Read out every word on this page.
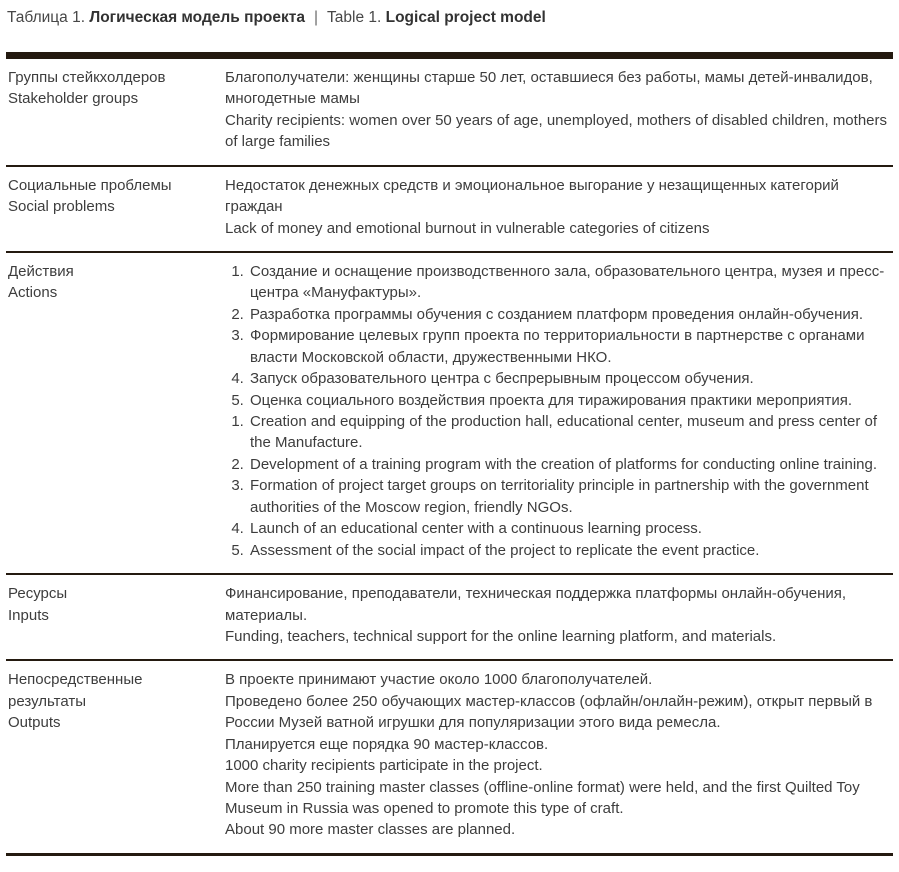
Таблица 1. Логическая модель проекта | Table 1. Logical project model
Группы стейкхолдеров
Stakeholder groups

Благополучатели: женщины старше 50 лет, оставшиеся без работы, мамы детей-инвалидов, многодетные мамы

Charity recipients: women over 50 years of age, unemployed, mothers of disabled children, mothers of large families

Социальные проблемы
Social problems

Недостаток денежных средств и эмоциональное выгорание у незащищенных категорий граждан

Lack of money and emotional burnout in vulnerable categories of citizens

Действия
Actions
1. Создание и оснащение производственного зала, образовательного центра, музея и пресс-центра «Мануфактуры».
2. Разработка программы обучения с созданием платформ проведения онлайн-обучения.
3. Формирование целевых групп проекта по территориальности в партнерстве с органами власти Московской области, дружественными НКО.
4. Запуск образовательного центра с беспрерывным процессом обучения.
5. Оценка социального воздействия проекта для тиражирования практики мероприятия.
1. Creation and equipping of the production hall, educational center, museum and press center of the Manufacture.
2. Development of a training program with the creation of platforms for conducting online training.
3. Formation of project target groups on territoriality principle in partnership with the government authorities of the Moscow region, friendly NGOs.
4. Launch of an educational center with a continuous learning process.
5. Assessment of the social impact of the project to replicate the event practice.
Ресурсы
Inputs

Финансирование, преподаватели, техническая поддержка платформы онлайн-обучения, материалы.

Funding, teachers, technical support for the online learning platform, and materials.

Непосредственные результаты
Outputs

В проекте принимают участие около 1000 благополучателей.

Проведено более 250 обучающих мастер-классов (офлайн/онлайн-режим), открыт первый в России Музей ватной игрушки для популяризации этого вида ремесла.

Планируется еще порядка 90 мастер-классов.

1000 charity recipients participate in the project.

More than 250 training master classes (offline-online format) were held, and the first Quilted Toy Museum in Russia was opened to promote this type of craft.

About 90 more master classes are planned.
